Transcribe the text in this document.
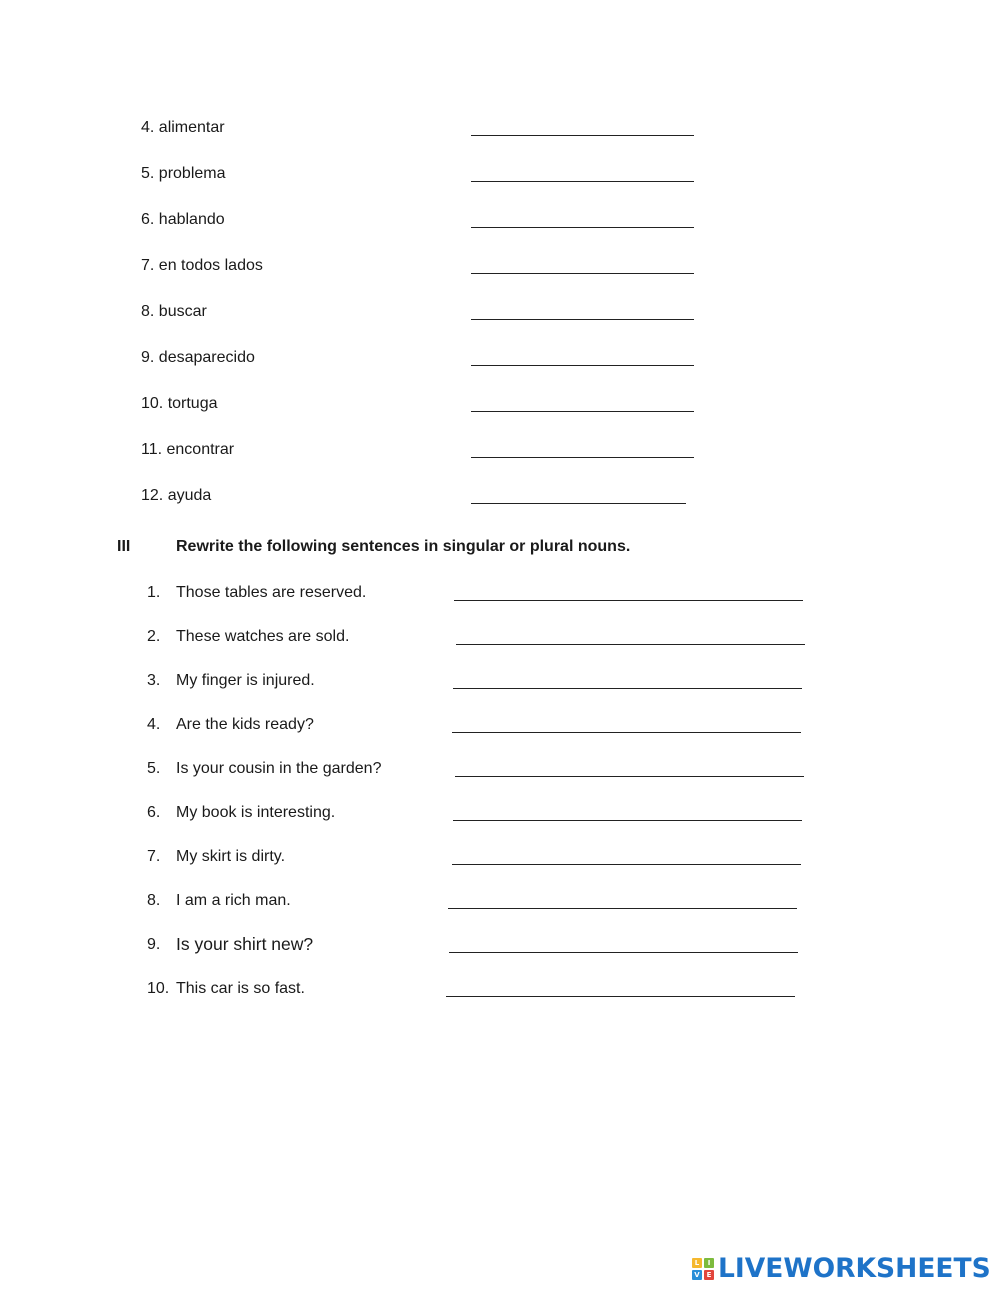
4. alimentar
5. problema
6. hablando
7. en todos lados
8. buscar
9. desaparecido
10. tortuga
11. encontrar
12. ayuda
III	Rewrite the following sentences in singular or plural nouns.
1. Those tables are reserved.
2. These watches are sold.
3. My finger is injured.
4. Are the kids ready?
5. Is your cousin in the garden?
6. My book is interesting.
7. My skirt is dirty.
8. I am a rich man.
9. Is your shirt new?
10. This car is so fast.
L	I
V E LIVEWORKSHEETS
